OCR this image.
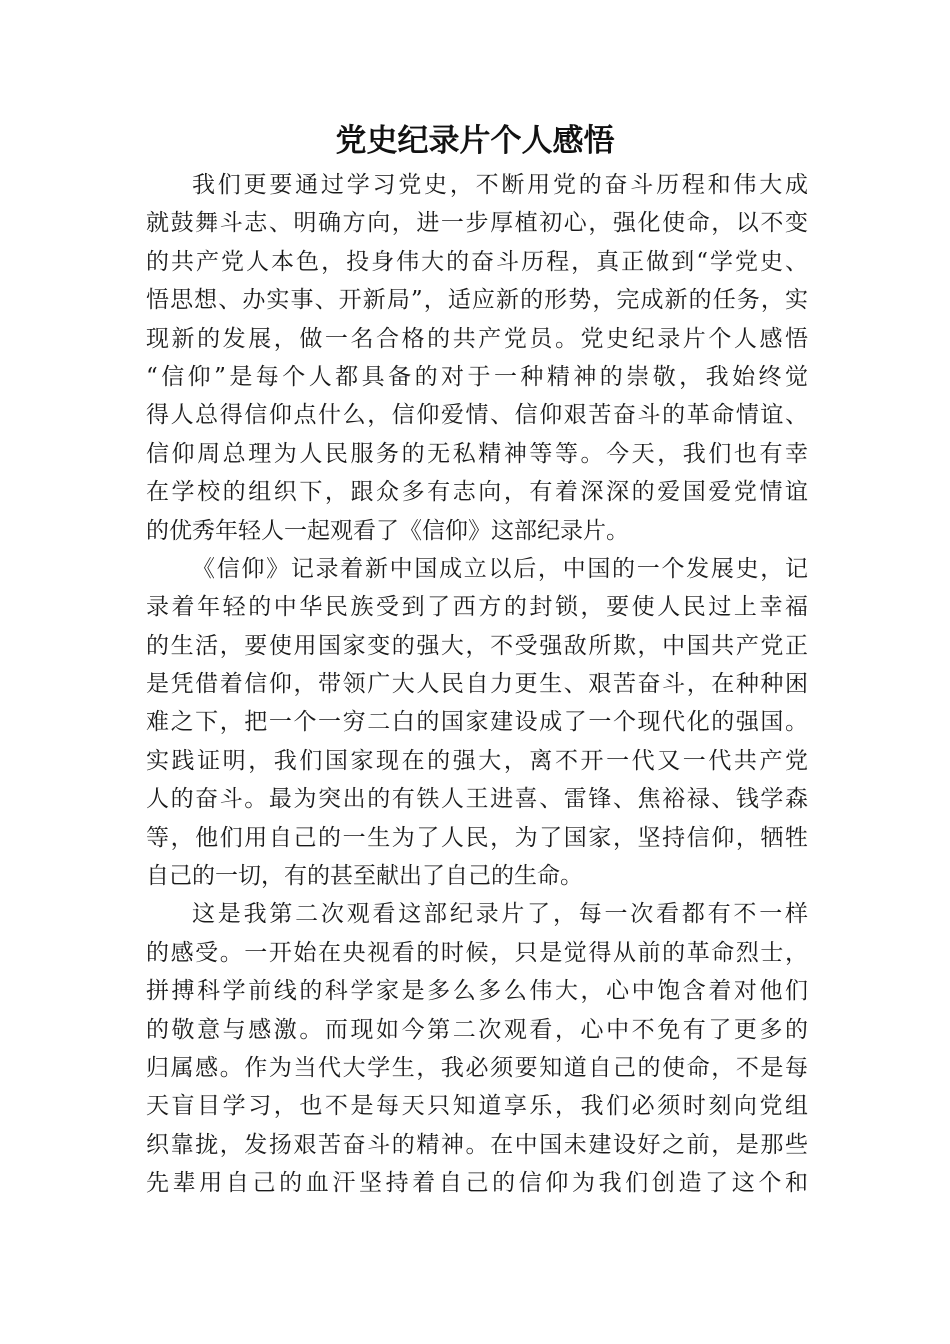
党史纪录片个人感悟
我们更要通过学习党史，不断用党的奋斗历程和伟大成
就鼓舞斗志、明确方向，进一步厚植初心，强化使命，以不变
的共产党人本色，投身伟大的奋斗历程，真正做到“学党史、
悟思想、办实事、开新局”，适应新的形势，完成新的任务，实
现新的发展，做一名合格的共产党员。党史纪录片个人感悟
“信仰”是每个人都具备的对于一种精神的崇敬，我始终觉
得人总得信仰点什么，信仰爱情、信仰艰苦奋斗的革命情谊、
信仰周总理为人民服务的无私精神等等。今天，我们也有幸
在学校的组织下，跟众多有志向，有着深深的爱国爱党情谊
的优秀年轻人一起观看了《信仰》这部纪录片。
《信仰》记录着新中国成立以后，中国的一个发展史，记
录着年轻的中华民族受到了西方的封锁，要使人民过上幸福
的生活，要使用国家变的强大，不受强敌所欺，中国共产党正
是凭借着信仰，带领广大人民自力更生、艰苦奋斗，在种种困
难之下，把一个一穷二白的国家建设成了一个现代化的强国。
实践证明，我们国家现在的强大，离不开一代又一代共产党
人的奋斗。最为突出的有铁人王进喜、雷锋、焦裕禄、钱学森
等，他们用自己的一生为了人民，为了国家，坚持信仰，牺牲
自己的一切，有的甚至献出了自己的生命。
这是我第二次观看这部纪录片了，每一次看都有不一样
的感受。一开始在央视看的时候，只是觉得从前的革命烈士，
拼搏科学前线的科学家是多么多么伟大，心中饱含着对他们
的敬意与感激。而现如今第二次观看，心中不免有了更多的
归属感。作为当代大学生，我必须要知道自己的使命，不是每
天盲目学习，也不是每天只知道享乐，我们必须时刻向党组
织靠拢，发扬艰苦奋斗的精神。在中国未建设好之前，是那些
先辈用自己的血汗坚持着自己的信仰为我们创造了这个和
